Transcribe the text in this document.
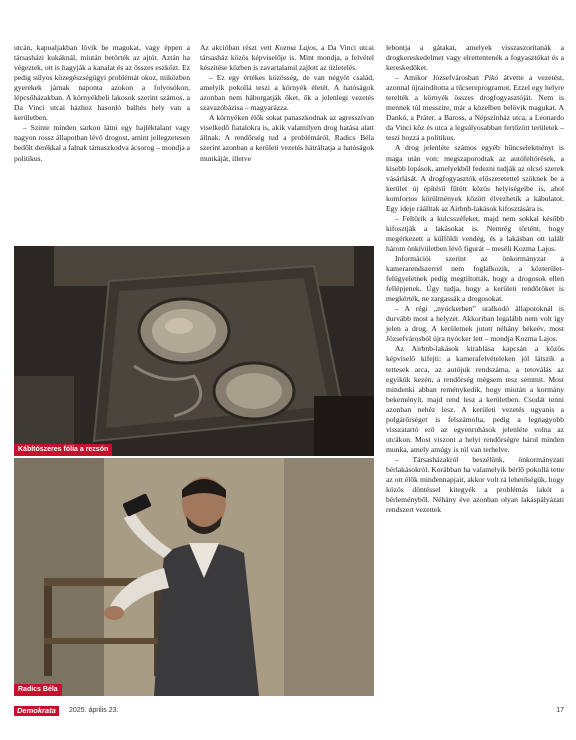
utcán, kapualjakban lövik be magukat, vagy éppen a társasházi kukáknál, miután betörték az ajtót. Aztán ha végeztek, ott is hagyják a kanalat és az összes eszközt. Ez pedig súlyos közegészségügyi problémát okoz, miközben gyerekek járnak naponta azokon a folyosókon, lépcsőházakban. A környékbeli lakosok szerint számos, a Da Vinci utcai házhoz hasonló balhés hely van a kerületben.

– Szinte minden sarkon látni egy hajléktalant vagy nagyon rossz állapotban lévő drogost, amint jellegzetesen bedőlt derékkal a falnak támaszkodva ácsorog – mondja a politikus.

Az akcióban részt vett Kozma Lajos, a Da Vinci utcai társasház közös képviselője is. Mint mondja, a felvétel készítése közben is zavartalanul zajlott az üzletelés.

– Ez egy értékes közösség, de van négyöt család, amelyik pokollá teszi a környék életét. A hatóságok azonban nem háborgatják őket, ők a jelenlegi vezetés szavazóbázisa – magyarázza.

A környéken élők sokat panaszkodnak az agresszívan viselkedő fiatalokra is, akik valamilyen drog hatása alatt állnak. A rendőrség tud a problémáról, Radics Béla szerint azonban a kerületi vezetés hátráltatja a hatóságok munkáját, illetve

lebontja a gátakat, amelyek visszaszorítanák a drogkereskedelmet vagy elrettentenék a fogyasztókat és a kereskedőket.

– Amikor Józsefvárosban Pikó átvette a vezetést, azonnal újraindította a tűcsereprogramot. Ezzel egy helyre terelték a környék összes drogfogyasztóját. Nem is mennek túl messzire, már a közelben belövik magukat. A Dankó, a Práter, a Baross, a Népszínház utca, a Leonardo da Vinci köz és utca a legsúlyosabban fertőzött területek – teszi hozzá a politikus.

A drog jelenléte számos egyéb bűncselekményt is maga után von: megszaporodtak az autófeltörések, a kisebb lopások, amelyekből fedezni tudják az olcsó szerek vásárlását. A drogfogyasztók előszeretettel szöknek be a kerület új építésű fűtött közös helyiségeibe is, ahol komfortos körülmények között élvezhetik a kábulatot. Egy ideje ráálltak az Airbnb-lakások kifosztására is.

– Feltörik a kulcsszéfeket, majd nem sokkal később kifosztják a lakásokat is. Nemrég történt, hogy megérkezett a külföldi vendég, és a lakásban ott talált három önkívületben lévő figurát – meséli Kozma Lajos.

Információi szerint az önkormányzat a kamerarendszerrel nem foglalkozik, a közterület-felügyeletnek pedig megtiltották, hogy a drogosok ellen fellépjenek. Úgy tudja, hogy a kerületi rendőröket is megkérték, ne zargassák a drogosokat.

– A régi „nyóckerben” uralkodó állapotoknál is durvább most a helyzet. Akkoriban legalább nem volt így jelen a drog. A kerületnek jutott néhány békeév, most Józsefvárosból újra nyócker lett – mondja Kozma Lajos.

Az Airbnb-lakások kirablása kapcsán a közös képviselő kifejti: a kamerafelvételeken jól látszik a tettesek arca, az autójuk rendszáma, a tetoválás az egyikük kezén, a rendőrség mégsem tesz semmit. Most mindenki abban reménykedik, hogy miután a kormány bekeményít, majd rend lesz a kerületben. Csodát tenni azonban nehéz lesz. A kerületi vezetés ugyanis a polgárőrséget is felszámolta, pedig a legnagyobb visszatartó erő az egyenruhások jelenléte volna az utcákon. Most viszont a helyi rendőrségre hárul minden munka, amely amúgy is túl van terhelve.

– Társasházakról beszélünk, önkormányzati bérlakásokról. Korábban ha valamelyik bérlő pokollá tette az ott élők mindennapjait, akkor volt rá lehetőségük, hogy közös döntéssel kitegyék a problémás lakót a bérleményből. Néhány éve azonban olyan lakáspályázati rendszert vezettek

Kábítószeres fólia a rezsón
Radics Béla
Demokrata	2025. április 23.	17
